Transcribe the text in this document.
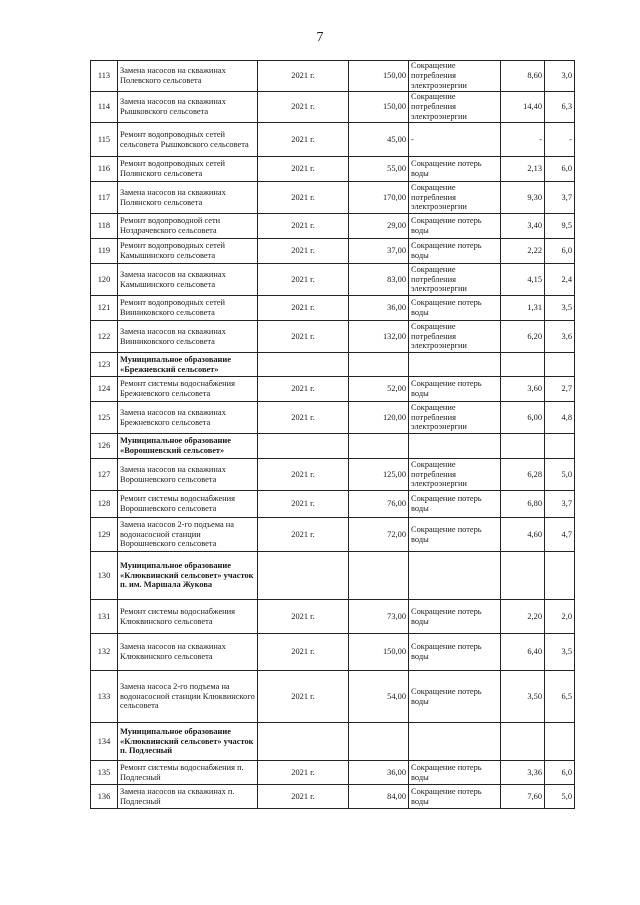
7
113	Замена насосов на скважинах Полевского сельсовета	2021 г.	150,00	Сокращение потребления электроэнергии	8,60	3,0
114	Замена насосов на скважинах Рышковского сельсовета	2021 г.	150,00	Сокращение потребления электроэнергии	14,40	6,3
115	Ремонт водопроводных сетей сельсовета Рышковского сельсовета	2021 г.	45,00	-	-	-
116	Ремонт водопроводных сетей Полянского сельсовета	2021 г.	55,00	Сокращение потерь воды	2,13	6,0
117	Замена насосов на скважинах Полянского сельсовета	2021 г.	170,00	Сокращение потребления электроэнергии	9,30	3,7
118	Ремонт водопроводной сети Ноздрачевского сельсовета	2021 г.	29,00	Сокращение потерь воды	3,40	9,5
119	Ремонт водопроводных сетей Камышинского сельсовета	2021 г.	37,00	Сокращение потерь воды	2,22	6,0
120	Замена насосов на скважинах Камышинского сельсовета	2021 г.	83,00	Сокращение потребления электроэнергии	4,15	2,4
121	Ремонт водопроводных сетей Винниковского сельсовета	2021 г.	36,00	Сокращение потерь воды	1,31	3,5
122	Замена насосов на скважинах Винниковского сельсовета	2021 г.	132,00	Сокращение потребления электроэнергии	6,20	3,6
123	Муниципальное образование «Брежневский сельсовет»					
124	Ремонт системы водоснабжения Брежневского сельсовета	2021 г.	52,00	Сокращение потерь воды	3,60	2,7
125	Замена насосов на скважинах Брежневского сельсовета	2021 г.	120,00	Сокращение потребления электроэнергии	6,00	4,8
126	Муниципальное образование «Ворошневский сельсовет»					
127	Замена насосов на скважинах Ворошневского сельсовета	2021 г.	125,00	Сокращение потребления электроэнергии	6,28	5,0
128	Ремонт системы водоснабжения Ворошневского сельсовета	2021 г.	76,00	Сокращение потерь воды	6,80	3,7
129	Замена насосов 2-го подъема на водонасосной станции Ворошневского сельсовета	2021 г.	72,00	Сокращение потерь воды	4,60	4,7
130	Муниципальное образование «Клюквинский сельсовет» участок п. им. Маршала Жукова					
131	Ремонт системы водоснабжения Клюквинского сельсовета	2021 г.	73,00	Сокращение потерь воды	2,20	2,0
132	Замена насосов на скважинах Клюквинского сельсовета	2021 г.	150,00	Сокращение потерь воды	6,40	3,5
133	Замена насоса 2-го подъема на водонасосной станции Клюквинского сельсовета	2021 г.	54,00	Сокращение потерь воды	3,50	6,5
134	Муниципальное образование «Клюквинский сельсовет» участок п. Подлесный					
135	Ремонт системы водоснабжения п. Подлесный	2021 г.	36,00	Сокращение потерь воды	3,36	6,0
136	Замена насосов на скважинах п. Подлесный	2021 г.	84,00	Сокращение потерь воды	7,60	5,0
